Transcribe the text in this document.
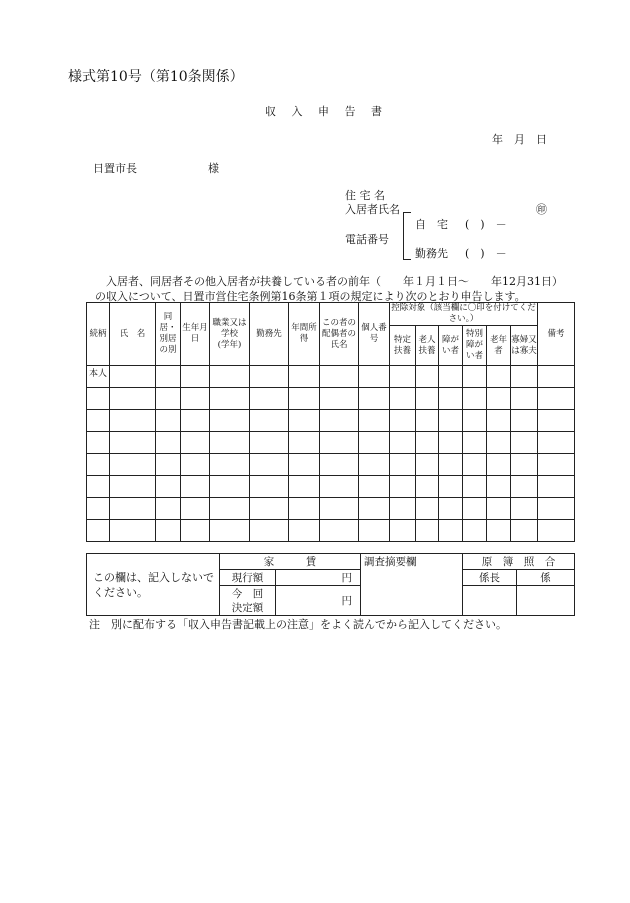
様式第10号（第10条関係）
収 入 申 告 書
年　月　日
日置市長	様
住 宅 名
入居者氏名	㊞
電話番号
自　宅 (　)　－
勤務先 (　)　－
入居者、同居者その他入居者が扶養している者の前年（　　年１月１日～　　年12月31日）
の収入について、日置市営住宅条例第16条第１項の規定により次のとおり申告します。
続柄	氏　名	同居・別居の別	生年月日	職業又は学校
(学年)	勤務先	年間所得	この者の配偶者の氏名	個人番号	控除対象（該当欄に〇印を付けてください。）						備考
									特定扶養	老人扶養	障がい者	特別障がい者	老年者	寡婦又は寡夫	
本人															

この欄は、記入しないでください。	家　　　賃		調査摘要欄	原　簿　照　合	
	現行額	円		係長	係
	今　回
決定額	円			
注　別に配布する「収入申告書記載上の注意」をよく読んでから記入してください。
